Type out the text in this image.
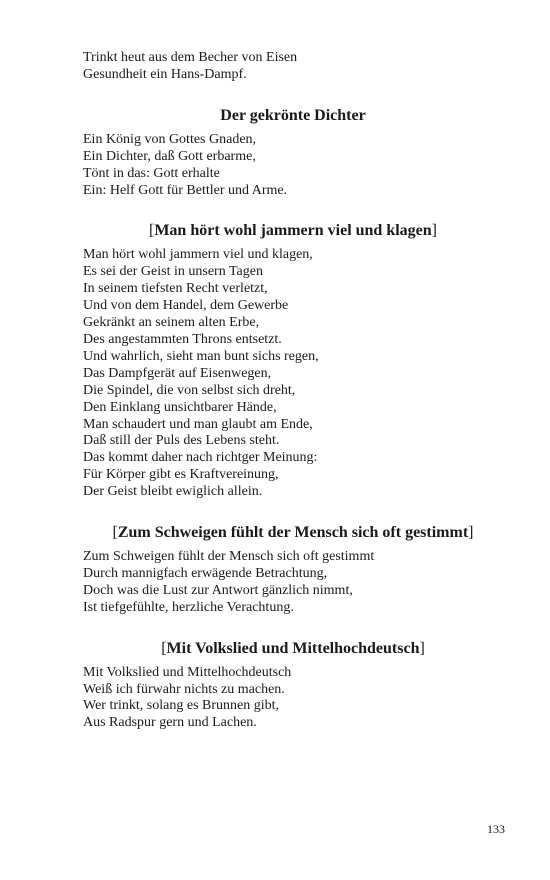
Trinkt heut aus dem Becher von Eisen
Gesundheit ein Hans-Dampf.
Der gekrönte Dichter
Ein König von Gottes Gnaden,
Ein Dichter, daß Gott erbarme,
Tönt in das: Gott erhalte
Ein: Helf Gott für Bettler und Arme.
[Man hört wohl jammern viel und klagen]
Man hört wohl jammern viel und klagen,
Es sei der Geist in unsern Tagen
In seinem tiefsten Recht verletzt,
Und von dem Handel, dem Gewerbe
Gekränkt an seinem alten Erbe,
Des angestammten Throns entsetzt.
Und wahrlich, sieht man bunt sichs regen,
Das Dampfgerät auf Eisenwegen,
Die Spindel, die von selbst sich dreht,
Den Einklang unsichtbarer Hände,
Man schaudert und man glaubt am Ende,
Daß still der Puls des Lebens steht.
Das kommt daher nach richtger Meinung:
Für Körper gibt es Kraftvereinung,
Der Geist bleibt ewiglich allein.
[Zum Schweigen fühlt der Mensch sich oft gestimmt]
Zum Schweigen fühlt der Mensch sich oft gestimmt
Durch mannigfach erwägende Betrachtung,
Doch was die Lust zur Antwort gänzlich nimmt,
Ist tiefgefühlte, herzliche Verachtung.
[Mit Volkslied und Mittelhochdeutsch]
Mit Volkslied und Mittelhochdeutsch
Weiß ich fürwahr nichts zu machen.
Wer trinkt, solang es Brunnen gibt,
Aus Radspur gern und Lachen.
133
